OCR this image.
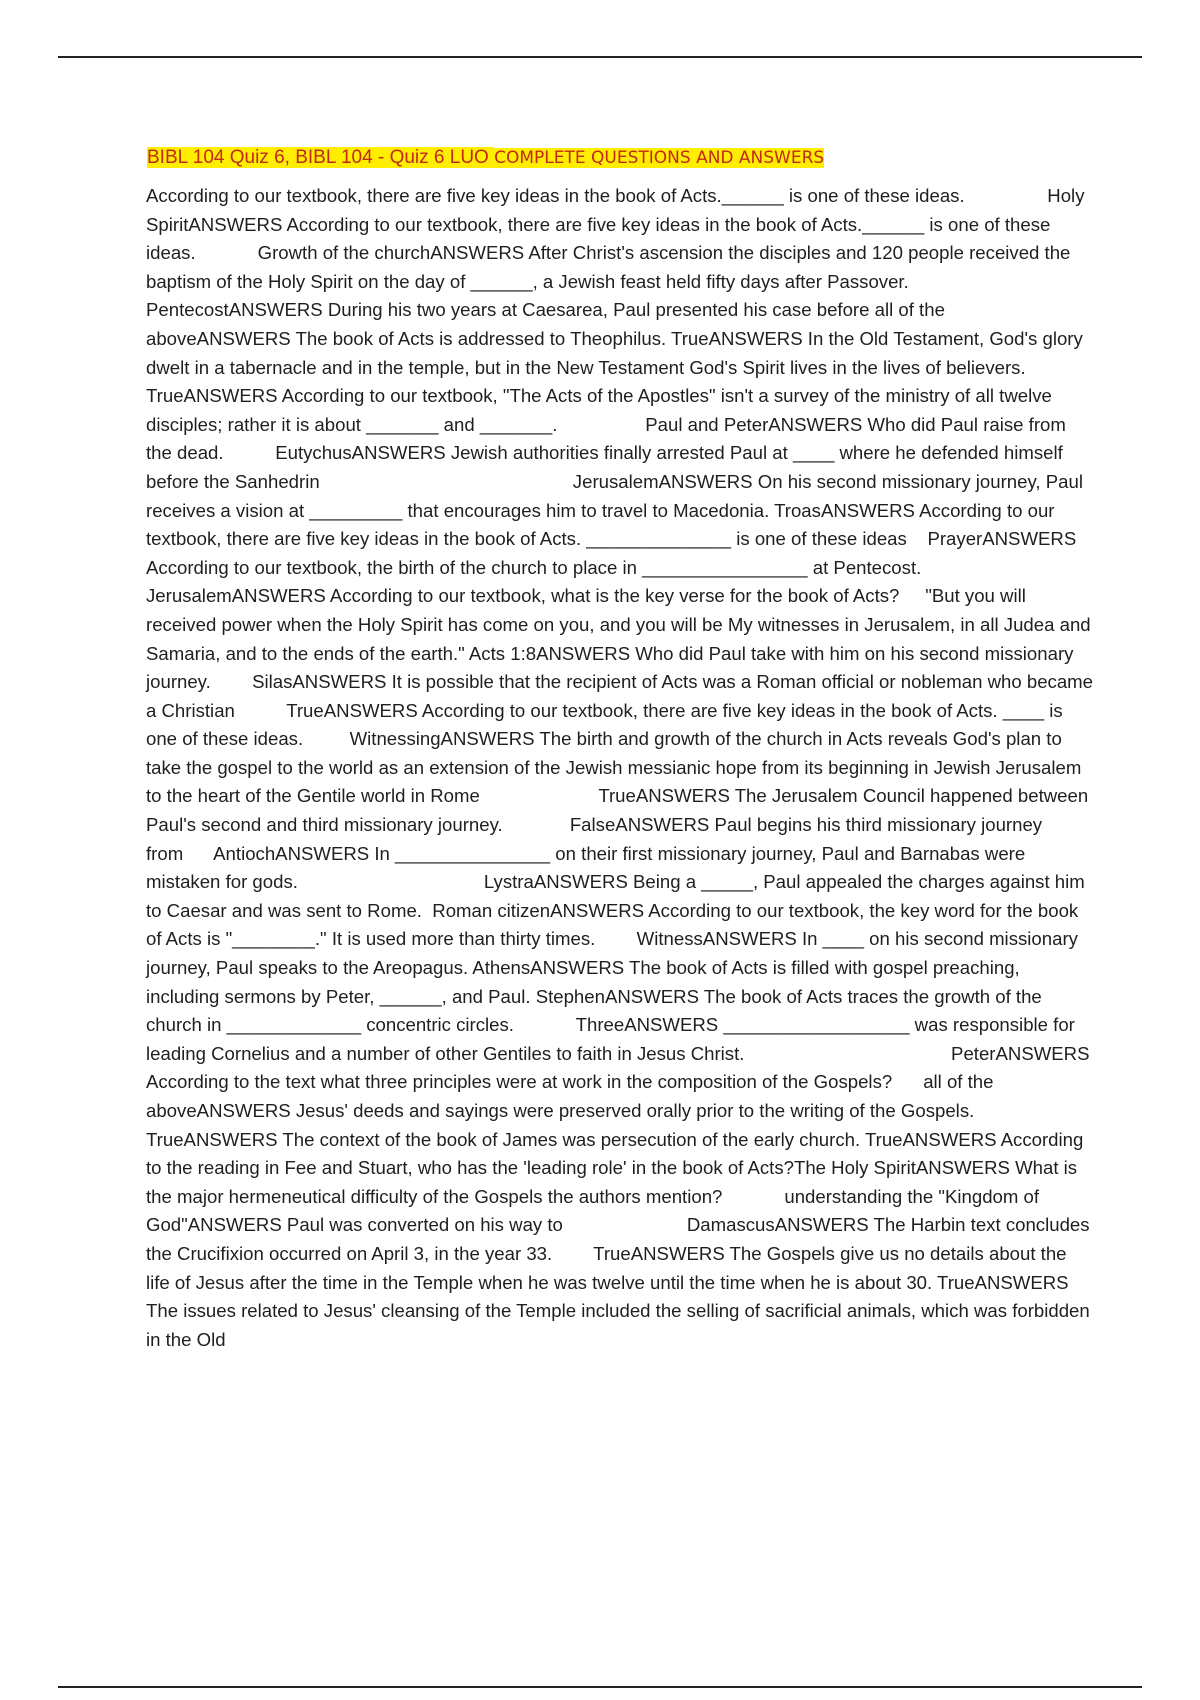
BIBL 104 Quiz 6, BIBL 104 - Quiz 6 LUO COMPLETE QUESTIONS AND ANSWERS

According to our textbook, there are five key ideas in the book of Acts.______ is one of these ideas.                Holy SpiritANSWERS According to our textbook, there are five key ideas in the book of Acts.______ is one of these ideas.            Growth of the churchANSWERS After Christ's ascension the disciples and 120 people received the baptism of the Holy Spirit on the day of ______, a Jewish feast held fifty days after Passover.             PentecostANSWERS During his two years at Caesarea, Paul presented his case before all of the aboveANSWERS The book of Acts is addressed to Theophilus. TrueANSWERS In the Old Testament, God's glory dwelt in a tabernacle and in the temple, but in the New Testament God's Spirit lives in the lives of believers.              TrueANSWERS According to our textbook, "The Acts of the Apostles" isn't a survey of the ministry of all twelve disciples; rather it is about _______ and _______.                 Paul and PeterANSWERS Who did Paul raise from the dead.          EutychusANSWERS Jewish authorities finally arrested Paul at ____ where he defended himself before the Sanhedrin                                                 JerusalemANSWERS On his second missionary journey, Paul receives a vision at _________ that encourages him to travel to Macedonia. TroasANSWERS According to our textbook, there are five key ideas in the book of Acts. ______________ is one of these ideas    PrayerANSWERS According to our textbook, the birth of the church to place in ________________ at Pentecost.           JerusalemANSWERS According to our textbook, what is the key verse for the book of Acts?     "But you will received power when the Holy Spirit has come on you, and you will be My witnesses in Jerusalem, in all Judea and Samaria, and to the ends of the earth." Acts 1:8ANSWERS Who did Paul take with him on his second missionary journey.        SilasANSWERS It is possible that the recipient of Acts was a Roman official or nobleman who became a Christian          TrueANSWERS According to our textbook, there are five key ideas in the book of Acts. ____ is one of these ideas.         WitnessingANSWERS The birth and growth of the church in Acts reveals God's plan to take the gospel to the world as an extension of the Jewish messianic hope from its beginning in Jewish Jerusalem to the heart of the Gentile world in Rome                       TrueANSWERS The Jerusalem Council happened between Paul's second and third missionary journey.             FalseANSWERS Paul begins his third missionary journey from      AntiochANSWERS In _______________ on their first missionary journey, Paul and Barnabas were mistaken for gods.                                    LystraANSWERS Being a _____, Paul appealed the charges against him to Caesar and was sent to Rome.  Roman citizenANSWERS According to our textbook, the key word for the book of Acts is "________." It is used more than thirty times.        WitnessANSWERS In ____ on his second missionary journey, Paul speaks to the Areopagus. AthensANSWERS The book of Acts is filled with gospel preaching, including sermons by Peter, ______, and Paul. StephenANSWERS The book of Acts traces the growth of the church in _____________ concentric circles.            ThreeANSWERS __________________ was responsible for leading Cornelius and a number of other Gentiles to faith in Jesus Christ.                                        PeterANSWERS According to the text what three principles were at work in the composition of the Gospels?      all of the aboveANSWERS Jesus' deeds and sayings were preserved orally prior to the writing of the Gospels. TrueANSWERS The context of the book of James was persecution of the early church. TrueANSWERS According to the reading in Fee and Stuart, who has the 'leading role' in the book of Acts?The Holy SpiritANSWERS What is the major hermeneutical difficulty of the Gospels the authors mention?            understanding the "Kingdom of God"ANSWERS Paul was converted on his way to                        DamascusANSWERS The Harbin text concludes the Crucifixion occurred on April 3, in the year 33.        TrueANSWERS The Gospels give us no details about the life of Jesus after the time in the Temple when he was twelve until the time when he is about 30. TrueANSWERS The issues related to Jesus' cleansing of the Temple included the selling of sacrificial animals, which was forbidden in the Old
